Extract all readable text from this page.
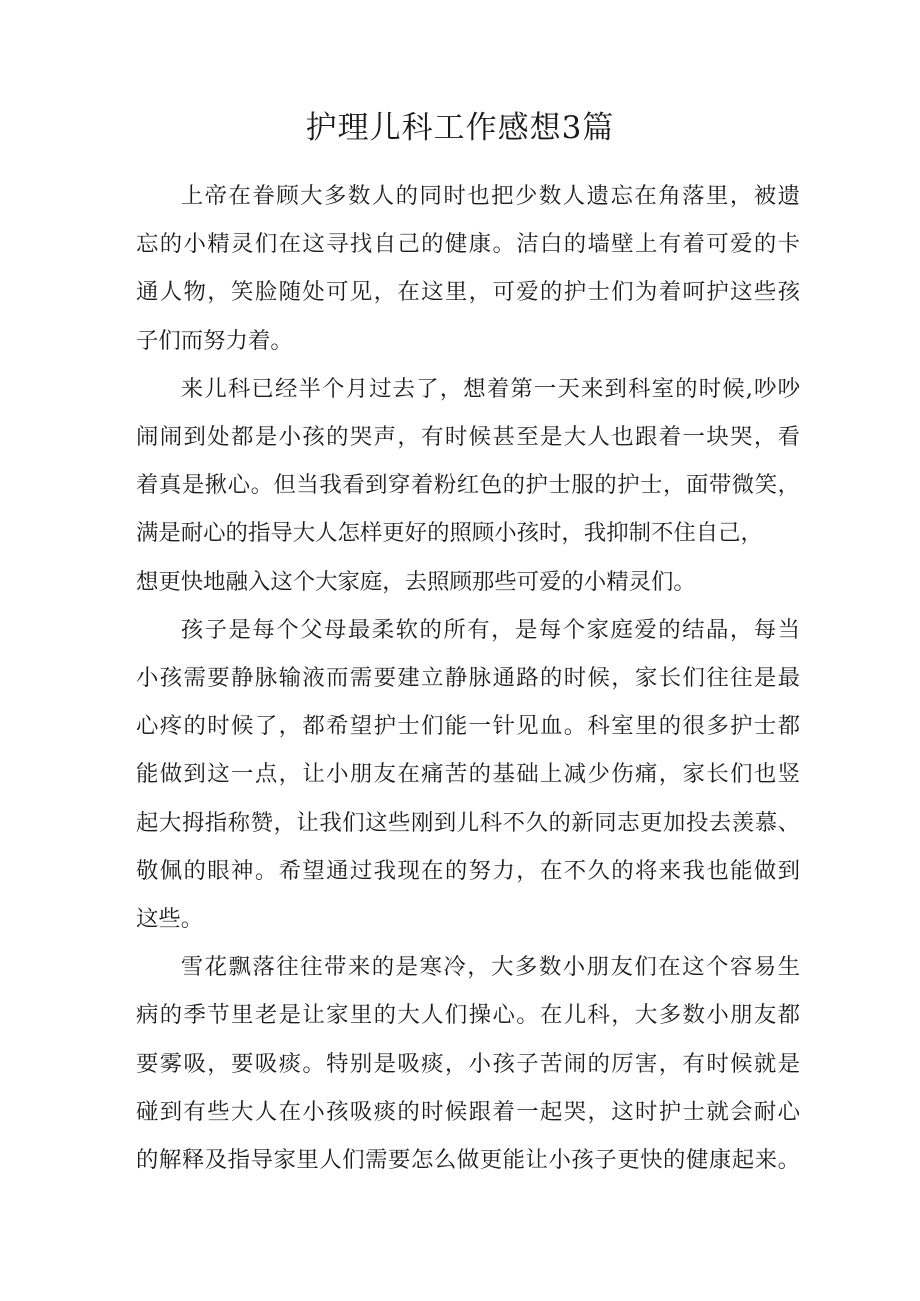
护理儿科工作感想3篇

上帝在眷顾大多数人的同时也把少数人遗忘在角落里，被遗
忘的小精灵们在这寻找自己的健康。洁白的墙壁上有着可爱的卡
通人物，笑脸随处可见，在这里，可爱的护士们为着呵护这些孩
子们而努力着。

来儿科已经半个月过去了，想着第一天来到科室的时候,吵吵
闹闹到处都是小孩的哭声，有时候甚至是大人也跟着一块哭，看
着真是揪心。但当我看到穿着粉红色的护士服的护士，面带微笑，
满是耐心的指导大人怎样更好的照顾小孩时，我抑制不住自己，
想更快地融入这个大家庭，去照顾那些可爱的小精灵们。

孩子是每个父母最柔软的所有，是每个家庭爱的结晶，每当
小孩需要静脉输液而需要建立静脉通路的时候，家长们往往是最
心疼的时候了，都希望护士们能一针见血。科室里的很多护士都
能做到这一点，让小朋友在痛苦的基础上减少伤痛，家长们也竖
起大拇指称赞，让我们这些刚到儿科不久的新同志更加投去羡慕、
敬佩的眼神。希望通过我现在的努力，在不久的将来我也能做到
这些。

雪花飘落往往带来的是寒冷，大多数小朋友们在这个容易生
病的季节里老是让家里的大人们操心。在儿科，大多数小朋友都
要雾吸，要吸痰。特别是吸痰，小孩子苦闹的厉害，有时候就是
碰到有些大人在小孩吸痰的时候跟着一起哭，这时护士就会耐心
的解释及指导家里人们需要怎么做更能让小孩子更快的健康起来。
